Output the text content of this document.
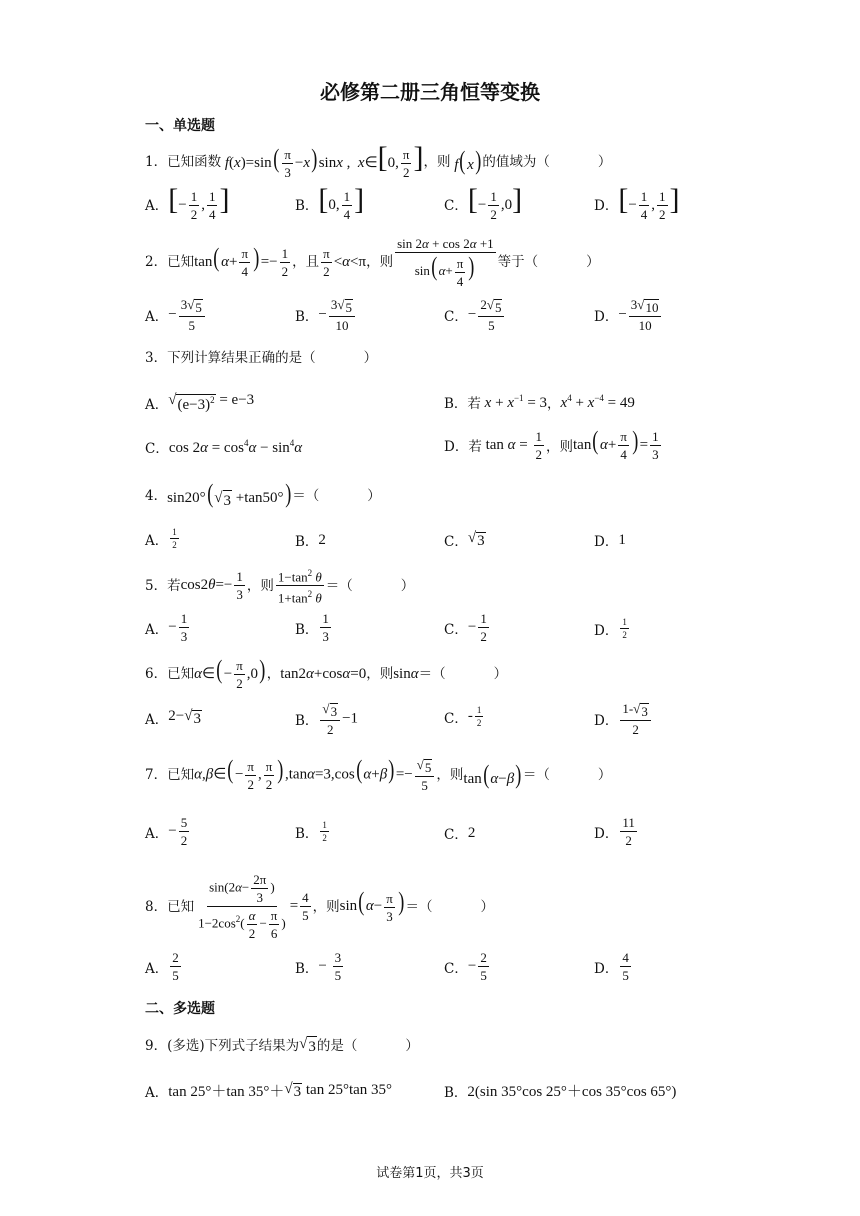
必修第二册三角恒等变换
一、单选题
1． 已知函数 $f(x)=\sin( \frac{\pi}{3} -x)\sin x$ ,  x∈[0, $\frac{\pi}{2}$ ] ，则 f(x) 的值域为（	）
A． [− $\frac{1}{2}$ , $\frac{1}{4}$ ]	B． [0, $\frac{1}{4}$ ]	C． [− $\frac{1}{2} ,0$]	D． [− $\frac{1}{4}$ , $\frac{1}{2}$ ]
2． 已知 $\tan(\alpha+ \frac{\pi}{4}$ )=− $\frac{1}{2}$ ，且 $\frac{\pi}{2} <\alpha<\pi$ ，则 $\frac{\sin 2\alpha + \cos 2\alpha +1}{\sin(\alpha+ \frac{\pi}{4} )}$ 等于（	）
A． − $\frac{3√ 5}{5}$	B． − $\frac{3√ 5}{10}$	C． − $\frac{2√ 5}{5}$	D． − $\frac{3√ 10}{10}$
3． 下列计算结果正确的是（	）
A． √ $(e-3)^2 = e-3$	B． 若 $x + x^{-1} = 3$ ， $x^4 + x^{-4} = 49$
C． $\cos 2\alpha = \cos^4\alpha - \sin^4\alpha$	D． 若 $\tan \alpha = \frac{1}{2}$ ，则 $\tan(\alpha+ \frac{\pi}{4}$ )= $\frac{1}{3}$
4． sin20°(√ 3 +tan50°) ＝（	）
A． $\frac{1}{2}$	B． 2	C． √ 3	D． 1
5． 若 $\cos 2\theta=- \frac{1}{3}$ ，则 $\frac{1-\tan^2 \theta}{1+\tan^2 \theta}$ ＝（	）
A． − $\frac{1}{3}$	B． $\frac{1}{3}$	C． − $\frac{1}{2}$	D． $\frac{1}{2}$
6． 已知 α∈(− $\frac{\pi}{2} ,0$) ， tan2α+cosα=0 ，则 sinα ＝（	）
A． 2−√ 3	B． $\frac{√ 3}{2} -1$	C． - $\frac{1}{2}$	D． $\frac{1-√ 3}{2}$
7． 已知 α,β∈(− $\frac{\pi}{2}$ , $\frac{\pi}{2} ),\tan\alpha=3,\cos(\alpha+\beta)=- \frac{√ 5}{5}$ ，则 tan(α−β) ＝（	）
A． − $\frac{5}{2}$	B． $\frac{1}{2}$	C． 2	D． $\frac{11}{2}$
8． 已知 $\frac{\sin(2\alpha- \frac{2\pi}{3} )}{1-2\cos^2( \frac{\alpha}{2} - \frac{\pi}{6} )} = \frac{4}{5}$ ，则 $\sin(\alpha- \frac{\pi}{3}$ ) ＝（	）
A． $\frac{2}{5}$	B． − $\frac{3}{5}$	C． − $\frac{2}{5}$	D． $\frac{4}{5}$
二、多选题
9． (多选)下列式子结果为 √ 3 的是（	）
A． tan 25°＋tan 35°＋ √ 3
tan 25°tan 35°	B． 2(sin 35°cos 25°＋cos 35°cos 65°)
试卷第1页，共3页
